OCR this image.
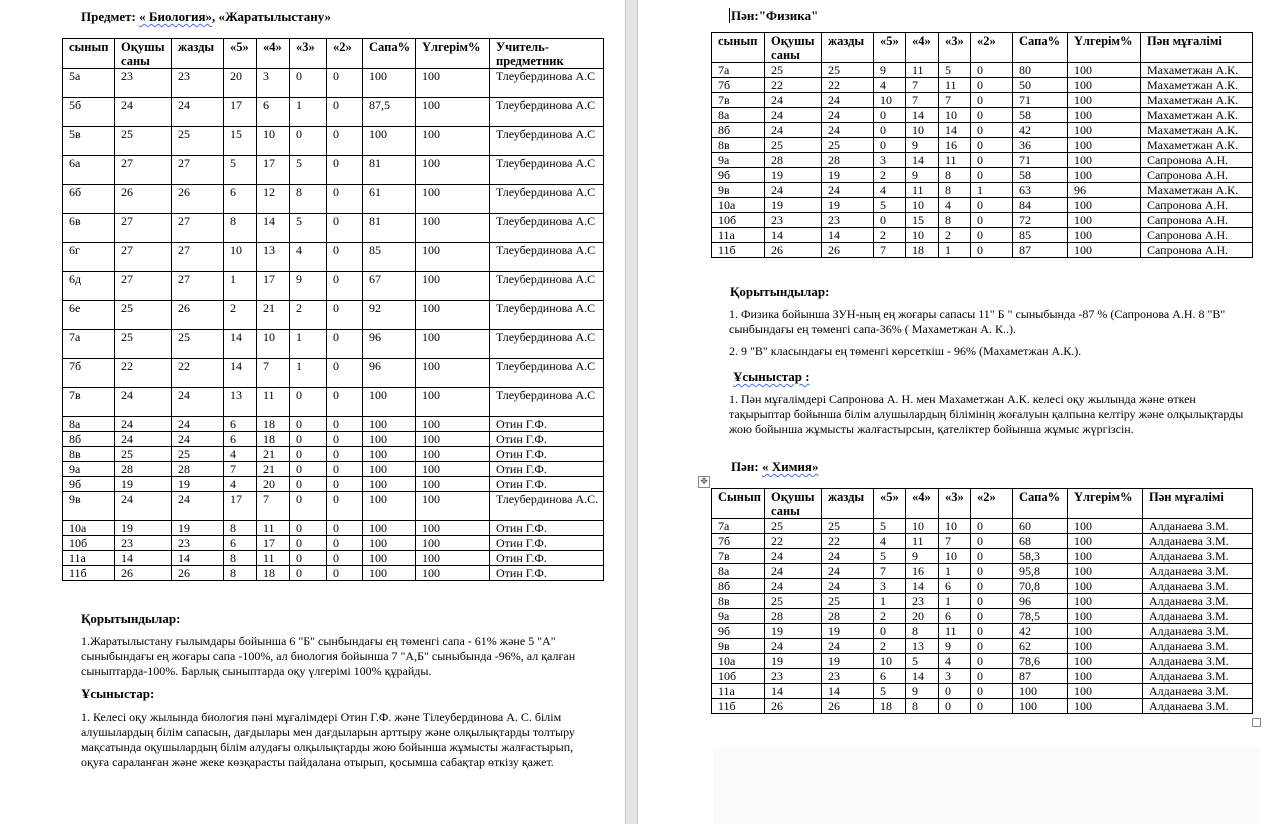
Предмет: « Биология», «Жаратылыстану»
сынып	Оқушы саны	жазды	«5»	«4»	«3»	«2»	Сапа%	Үлгерім%	Учитель-предметник
5а	23	23	20	3	0	0	100	100	Тлеубердинова А.С
5б	24	24	17	6	1	0	87,5	100	Тлеубердинова А.С
5в	25	25	15	10	0	0	100	100	Тлеубердинова А.С
6а	27	27	5	17	5	0	81	100	Тлеубердинова А.С
6б	26	26	6	12	8	0	61	100	Тлеубердинова А.С
6в	27	27	8	14	5	0	81	100	Тлеубердинова А.С
6г	27	27	10	13	4	0	85	100	Тлеубердинова А.С
6д	27	27	1	17	9	0	67	100	Тлеубердинова А.С
6е	25	26	2	21	2	0	92	100	Тлеубердинова А.С
7а	25	25	14	10	1	0	96	100	Тлеубердинова А.С
7б	22	22	14	7	1	0	96	100	Тлеубердинова А.С
7в	24	24	13	11	0	0	100	100	Тлеубердинова А.С
8а	24	24	6	18	0	0	100	100	Отин Г.Ф.
8б	24	24	6	18	0	0	100	100	Отин Г.Ф.
8в	25	25	4	21	0	0	100	100	Отин Г.Ф.
9а	28	28	7	21	0	0	100	100	Отин Г.Ф.
9б	19	19	4	20	0	0	100	100	Отин Г.Ф.
9в	24	24	17	7	0	0	100	100	Тлеубердинова А.С.
10а	19	19	8	11	0	0	100	100	Отин Г.Ф.
10б	23	23	6	17	0	0	100	100	Отин Г.Ф.
11а	14	14	8	11	0	0	100	100	Отин Г.Ф.
11б	26	26	8	18	0	0	100	100	Отин Г.Ф.
Қорытындылар:
1.Жаратылыстану ғылымдары бойынша 6 "Б" сынбындағы ең төменгі сапа - 61% және 5 "А" сыныбындағы ең жоғары сапа -100%, ал биология бойынша 7 "А,Б" сыныбында -96%, ал қалған сыныптарда-100%. Барлық сыныптарда оқу үлгерімі 100% құрайды.
Ұсыныстар:
1. Келесі оқу жылында биология пәні мұғалімдері Отин Г.Ф. және Тілеубердинова А. С. білім алушылардың білім сапасын, дағдылары мен дағдыларын арттыру және олқылықтарды толтыру мақсатында оқушылардың білім алудағы олқылықтарды жою бойынша жұмысты жалғастырып, оқуға сараланған және жеке көзқарасты пайдалана отырып, қосымша сабақтар өткізу қажет.
Пән:"Физика"
сынып	Оқушы саны	жазды	«5»	«4»	«3»	«2»	Сапа%	Үлгерім%	Пән мұғалімі
7а	25	25	9	11	5	0	80	100	Махаметжан А.К.
7б	22	22	4	7	11	0	50	100	Махаметжан А.К.
7в	24	24	10	7	7	0	71	100	Махаметжан А.К.
8а	24	24	0	14	10	0	58	100	Махаметжан А.К.
8б	24	24	0	10	14	0	42	100	Махаметжан А.К.
8в	25	25	0	9	16	0	36	100	Махаметжан А.К.
9а	28	28	3	14	11	0	71	100	Сапронова А.Н.
9б	19	19	2	9	8	0	58	100	Сапронова А.Н.
9в	24	24	4	11	8	1	63	96	Махаметжан А.К.
10а	19	19	5	10	4	0	84	100	Сапронова А.Н.
10б	23	23	0	15	8	0	72	100	Сапронова А.Н.
11а	14	14	2	10	2	0	85	100	Сапронова А.Н.
11б	26	26	7	18	1	0	87	100	Сапронова А.Н.
Қорытындылар:
1. Физика бойынша ЗУН-ның ең жоғары сапасы 11" Б " сыныбында -87 % (Сапронова А.Н. 8 "В" сынбындағы ең төменгі сапа-36% ( Махаметжан А. К..).
2. 9 "В" класындағы ең төменгі көрсеткіш - 96% (Махаметжан А.К.).
Ұсыныстар :
1. Пән мұғалімдері Сапронова А. Н. мен Махаметжан А.К. келесі оқу жылында және өткен тақырыптар бойынша білім алушылардың білімінің жоғалуын қалпына келтіру және олқылықтарды жою бойынша жұмысты жалғастырсын, қателіктер бойынша жұмыс жүргізсін.
Пән: « Химия»
✥
Сынып	Оқушы саны	жазды	«5»	«4»	«3»	«2»	Сапа%	Үлгерім%	Пән мұғалімі
7а	25	25	5	10	10	0	60	100	Алданаева З.М.
7б	22	22	4	11	7	0	68	100	Алданаева З.М.
7в	24	24	5	9	10	0	58,3	100	Алданаева З.М.
8а	24	24	7	16	1	0	95,8	100	Алданаева З.М.
8б	24	24	3	14	6	0	70,8	100	Алданаева З.М.
8в	25	25	1	23	1	0	96	100	Алданаева З.М.
9а	28	28	2	20	6	0	78,5	100	Алданаева З.М.
9б	19	19	0	8	11	0	42	100	Алданаева З.М.
9в	24	24	2	13	9	0	62	100	Алданаева З.М.
10а	19	19	10	5	4	0	78,6	100	Алданаева З.М.
10б	23	23	6	14	3	0	87	100	Алданаева З.М.
11а	14	14	5	9	0	0	100	100	Алданаева З.М.
11б	26	26	18	8	0	0	100	100	Алданаева З.М.
